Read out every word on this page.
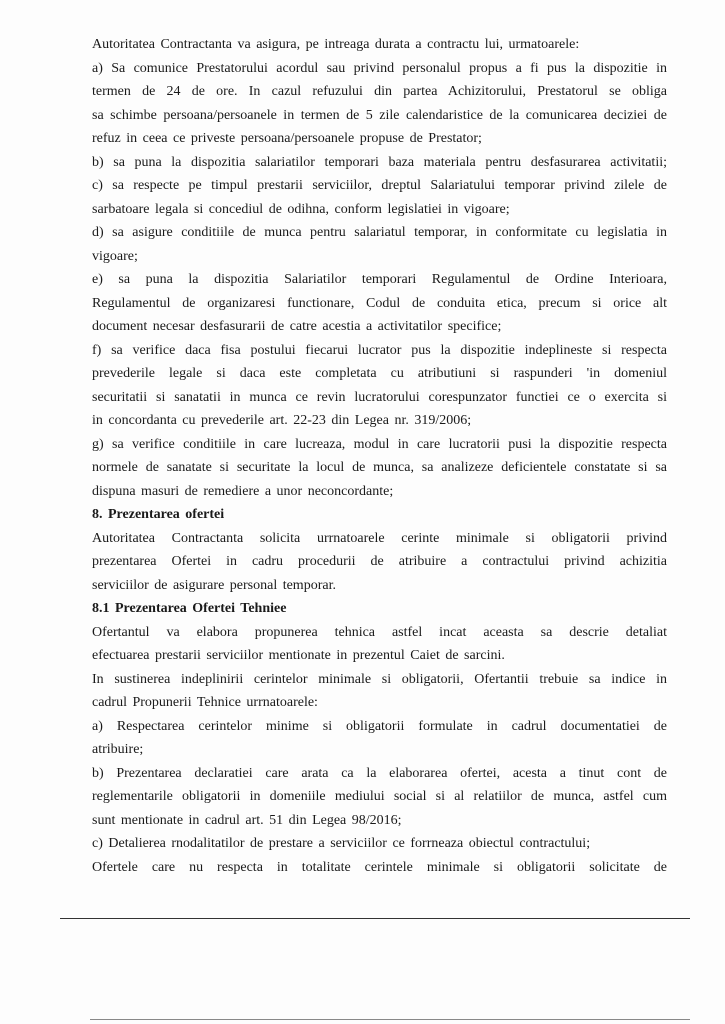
Autoritatea Contractanta va asigura, pe intreaga durata a contractu lui, urmatoarele:
a) Sa comunice Prestatorului acordul sau privind personalul propus a fi pus la dispozitie in
termen de 24 de ore. In cazul refuzului din partea Achizitorului, Prestatorul se obliga
sa schimbe persoana/persoanele in termen de 5 zile calendaristice de la comunicarea deciziei de
refuz in ceea ce priveste persoana/persoanele propuse de Prestator;
b) sa puna la dispozitia salariatilor temporari baza materiala pentru desfasurarea activitatii;
c) sa respecte pe timpul prestarii serviciilor, dreptul Salariatului temporar privind zilele de
sarbatoare legala si concediul de odihna, conform legislatiei in vigoare;
d) sa asigure conditiile de munca pentru salariatul temporar, in conformitate cu legislatia in
vigoare;
e) sa puna la dispozitia Salariatilor temporari Regulamentul de Ordine Interioara,
Regulamentul de organizaresi functionare, Codul de conduita etica, precum si orice alt
document necesar desfasurarii de catre acestia a activitatilor specifice;
f) sa verifice daca fisa postului fiecarui lucrator pus la dispozitie indeplineste si respecta
prevederile legale si daca este completata cu atributiuni si raspunderi 'in domeniul
securitatii si sanatatii in munca ce revin lucratorului corespunzator functiei ce o exercita si
in concordanta cu prevederile art. 22-23 din Legea nr. 319/2006;
g) sa verifice conditiile in care lucreaza, modul in care lucratorii pusi la dispozitie respecta
normele de sanatate si securitate la locul de munca, sa analizeze deficientele constatate si sa
dispuna masuri de remediere a unor neconcordante;
8. Prezentarea ofertei
Autoritatea Contractanta solicita urrnatoarele cerinte minimale si obligatorii privind
prezentarea Ofertei in cadru procedurii de atribuire a contractului privind achizitia
serviciilor de asigurare personal temporar.
8.1 Prezentarea Ofertei Tehniee
Ofertantul va elabora propunerea tehnica astfel incat aceasta sa descrie detaliat
efectuarea prestarii serviciilor mentionate in prezentul Caiet de sarcini.
In sustinerea indeplinirii cerintelor minimale si obligatorii, Ofertantii trebuie sa indice in
cadrul Propunerii Tehnice urrnatoarele:
a) Respectarea cerintelor minime si obligatorii formulate in cadrul documentatiei de
atribuire;
b) Prezentarea declaratiei care arata ca la elaborarea ofertei, acesta a tinut cont de
reglementarile obligatorii in domeniile mediului social si al relatiilor de munca, astfel cum
sunt mentionate in cadrul art. 51 din Legea 98/2016;
c) Detalierea rnodalitatilor de prestare a serviciilor ce forrneaza obiectul contractului;
Ofertele care nu respecta in totalitate cerintele minimale si obligatorii solicitate de
